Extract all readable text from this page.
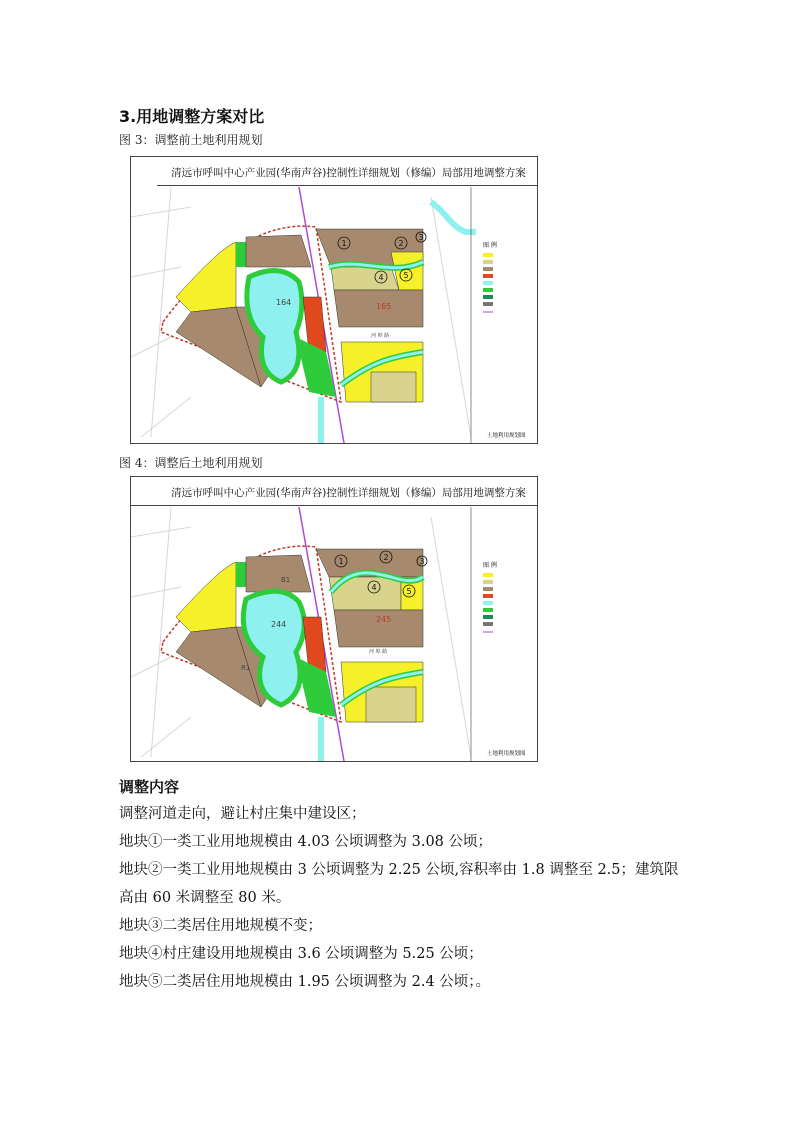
3.用地调整方案对比
图 3：调整前土地利用规划
清远市呼叫中心产业园(华南声谷)控制性详细规划（修编）局部用地调整方案
1	2
3
4 5
164	165
河 埠 路
图 例
土地利用规划图
图 4：调整后土地利用规划
清远市呼叫中心产业园(华南声谷)控制性详细规划（修编）局部用地调整方案
1	2	3
4	5
244
245
B1
R1
河 埠 路
图 例
土地利用规划图
调整内容
调整河道走向，避让村庄集中建设区；
地块①一类工业用地规模由 4.03 公顷调整为 3.08 公顷；
地块②一类工业用地规模由 3 公顷调整为 2.25 公顷,容积率由 1.8 调整至 2.5；建筑限高由 60 米调整至 80 米。
地块③二类居住用地规模不变；
地块④村庄建设用地规模由 3.6 公顷调整为 5.25 公顷；
地块⑤二类居住用地规模由 1.95 公顷调整为 2.4 公顷；。
